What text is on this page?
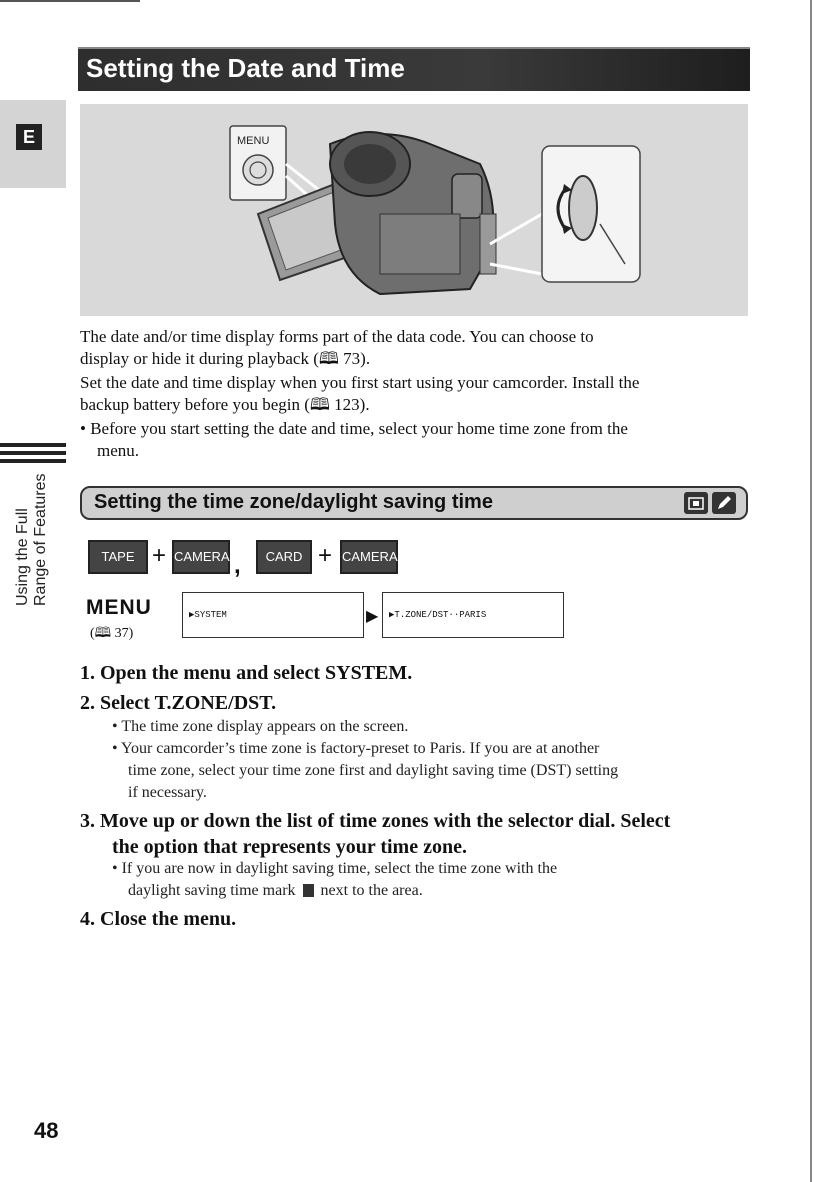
Setting the Date and Time
E	MENU
The date and/or time display forms part of the data code. You can choose to
display or hide it during playback (🕮 73).
Set the date and time display when you first start using your camcorder. Install the
backup battery before you begin (🕮 123).
• Before you start setting the date and time, select your home time zone from the
menu.
Using the Full Range of Features Setting the time zone/daylight saving time
TAPE + CAMERA ,	CARD + CAMERA
MENU
(🕮 37)
▶SYSTEM	▶ ▶T.ZONE/DST··PARIS
1. Open the menu and select SYSTEM.
2. Select T.ZONE/DST.
• The time zone display appears on the screen.
• Your camcorder’s time zone is factory-preset to Paris. If you are at another
time zone, select your time zone first and daylight saving time (DST) setting
if necessary.
3. Move up or down the list of time zones with the selector dial. Select
the option that represents your time zone.
• If you are now in daylight saving time, select the time zone with the
daylight saving time mark next to the area.
4. Close the menu.
48
